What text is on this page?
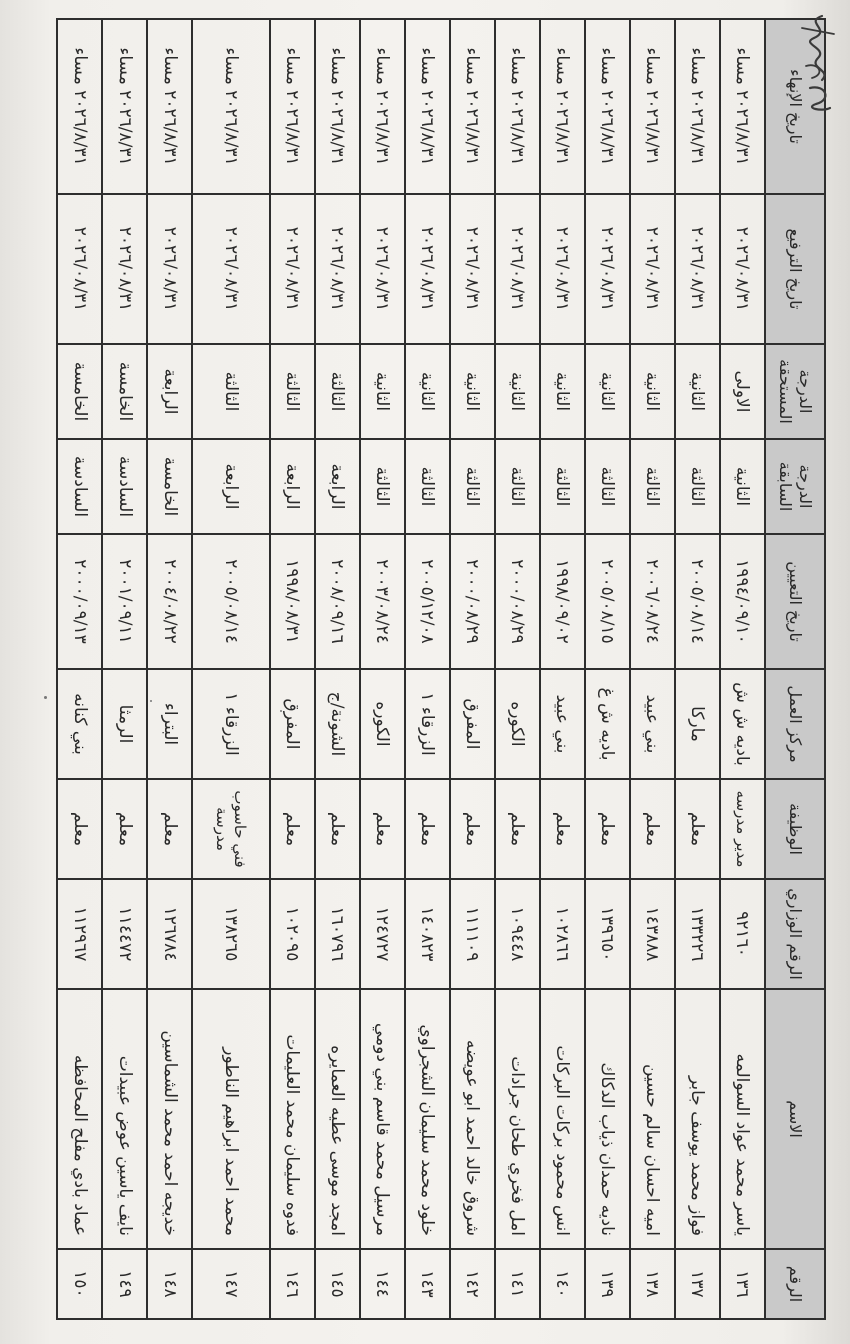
الرقم	الاسم	الرقم الوزاري	الوظيفة	مركز العمل	تاريخ التعيين	الدرجة السابقة	الدرجة المستحقة	تاريخ الترفيع	تاريخ الإنهاء
١٣٦	ياسر محمد عواد السوالمه	٩٢١٦٠	مدير مدرسه	باديه ش ش	١٩٩٤/٠٩/١٠	الثانية	الاولى	٢٠٢٦/٠٨/٣١	٢٠٢٦/٨/٣١ مساء
١٣٧	فواز محمد يوسف جابر	١٣٣٢٢٦	معلم	ماركا	٢٠٠٥/٠٨/١٤	الثالثة	الثانية	٢٠٢٦/٠٨/٣١	٢٠٢٦/٨/٣١ مساء
١٣٨	اميه احسان سالم حسين	١٤٣٨٨٨	معلم	بني عبيد	٢٠٠٦/٠٨/٢٤	الثالثة	الثانية	٢٠٢٦/٠٨/٣١	٢٠٢٦/٨/٣١ مساء
١٣٩	ناديه حمدان ذياب الدكاك	١٣٩٦٥٠	معلم	باديه ش غ	٢٠٠٥/٠٨/١٥	الثالثة	الثانية	٢٠٢٦/٠٨/٣١	٢٠٢٦/٨/٣١ مساء
١٤٠	انس محمود بركات البركات	١٠٢٨٦٦	معلم	بني عبيد	١٩٩٨/٠٩/٠٢	الثالثة	الثانية	٢٠٢٦/٠٨/٣١	٢٠٢٦/٨/٣١ مساء
١٤١	امل فخري طحان جرادات	١٠٩٤٤٨	معلم	الكوره	٢٠٠٠/٠٨/٢٩	الثالثة	الثانية	٢٠٢٦/٠٨/٣١	٢٠٢٦/٨/٣١ مساء
١٤٢	شروق خالد احمد ابو عويضه	١١١١٠٩	معلم	المفرق	٢٠٠٠/٠٨/٢٩	الثالثة	الثانية	٢٠٢٦/٠٨/٣١	٢٠٢٦/٨/٣١ مساء
١٤٣	خلود محمد سليمان الشجراوي	١٤٠٨٢٣	معلم	الزرقاء ١	٢٠٠٥/١٢/٠٨	الثالثة	الثانية	٢٠٢٦/٠٨/٣١	٢٠٢٦/٨/٣١ مساء
١٤٤	مرسيل محمد قاسم بني دومي	١٢٤٧٢٧	معلم	الكوره	٢٠٠٣/٠٨/٢٤	الثالثة	الثانية	٢٠٢٦/٠٨/٣١	٢٠٢٦/٨/٣١ مساء
١٤٥	امجد موسى عطيه العمايره	١٦٠٧٩٦	معلم	الشونة/ج	٢٠٠٨/٠٩/١٦	الرابعة	الثالثة	٢٠٢٦/٠٨/٣١	٢٠٢٦/٨/٣١ مساء
١٤٦	فدوه سليمان محمد العليمات	١٠٢٠٩٥	معلم	المفرق	١٩٩٨/٠٨/٣١	الرابعة	الثالثة	٢٠٢٦/٠٨/٣١	٢٠٢٦/٨/٣١ مساء
١٤٧	محمد احمد ابراهيم الناطور	١٣٨٢٦٥	فني حاسوب مدرسة	الزرقاء ١	٢٠٠٥/٠٨/١٤	الرابعة	الثالثة	٢٠٢٦/٠٨/٣١	٢٠٢٦/٨/٣١ مساء
١٤٨	خديجه احمد محمد الشماسين	١٢٦٧٨٤	معلم	البتراء	٢٠٠٤/٠٨/٢٢	الخامسة	الرابعة	٢٠٢٦/٠٨/٣١	٢٠٢٦/٨/٣١ مساء
١٤٩	نايف ياسين عوض عبيدات	١١٤٤٧٢	معلم	الرمثا	٢٠٠١/٠٩/١١	السادسة	الخامسة	٢٠٢٦/٠٨/٣١	٢٠٢٦/٨/٣١ مساء
١٥٠	عماد بادي مفلح المحافظه	١١٢٩٦٧	معلم	بني كنانه	٢٠٠٠/٠٩/١٣	السادسة	الخامسة	٢٠٢٦/٠٨/٣١	٢٠٢٦/٨/٣١ مساء
